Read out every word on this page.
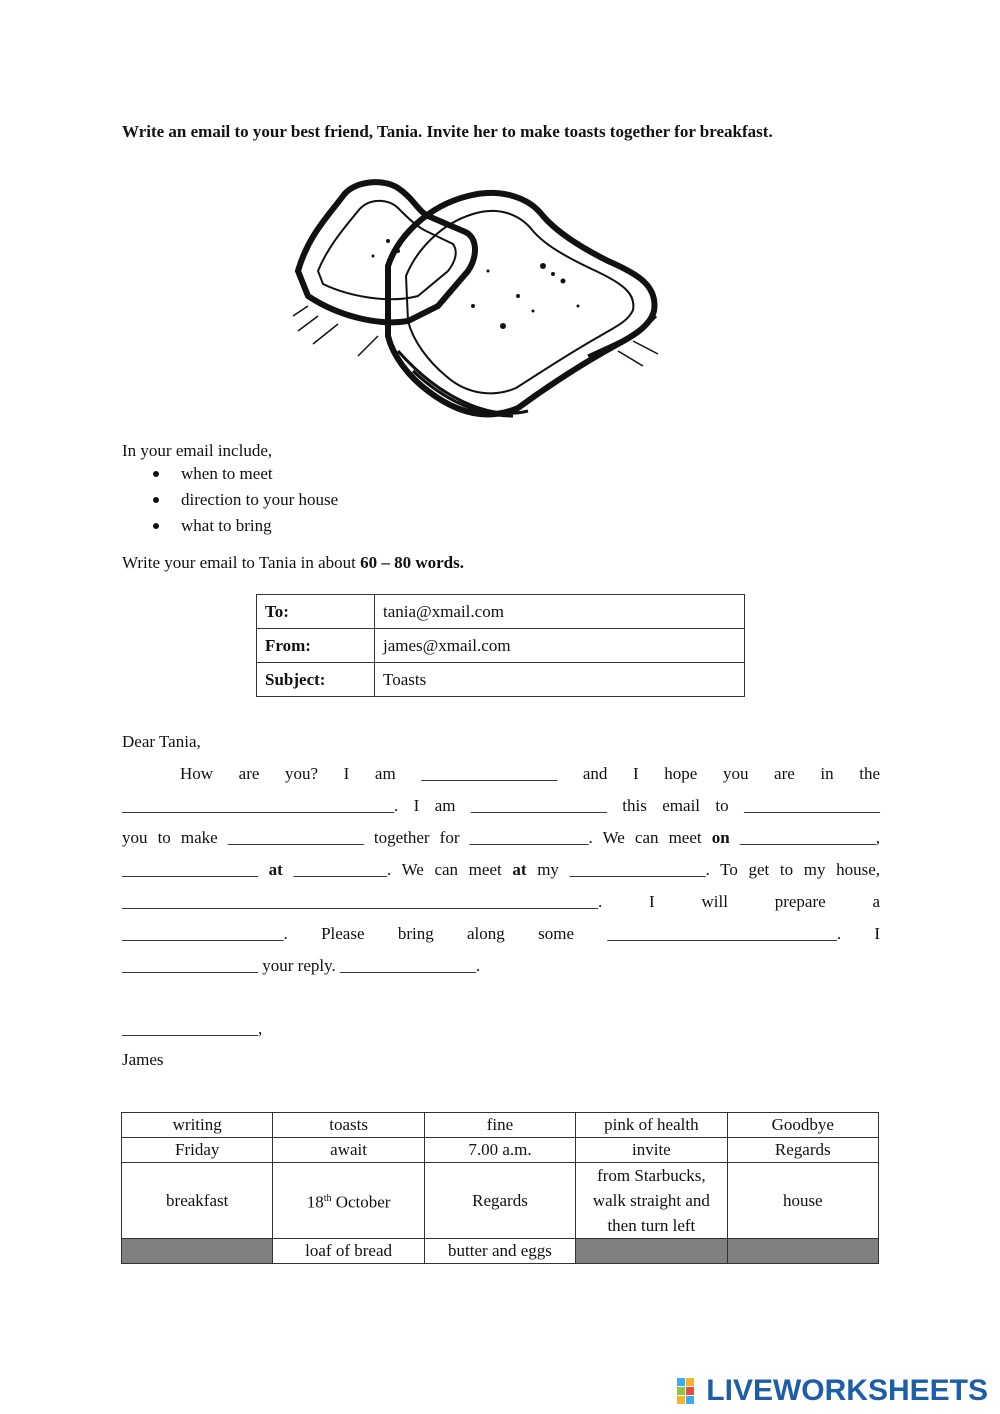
Write an email to your best friend, Tania. Invite her to make toasts together for breakfast.
In your email include,
when to meet
direction to your house
what to bring
Write your email to Tania in about 60 – 80 words.
To:	tania@xmail.com
From:	james@xmail.com
Subject:	Toasts
Dear Tania,
How are you? I am ________________ and I hope you are in the
________________________________. I am ________________ this email to ________________
you to make ________________ together for ______________. We can meet on ________________,
________________ at ___________. We can meet at my ________________. To get to my house,
________________________________________________________.	I	will	prepare	a
___________________. Please bring along some ___________________________. I
________________ your reply. ________________.
________________,
James
writing	toasts	fine	pink of health	Goodbye
Friday	await	7.00 a.m.	invite	Regards
breakfast	18th October	Regards	from Starbucks, walk straight and then turn left	house
	loaf of bread	butter and eggs		
LIVEWORKSHEETS
